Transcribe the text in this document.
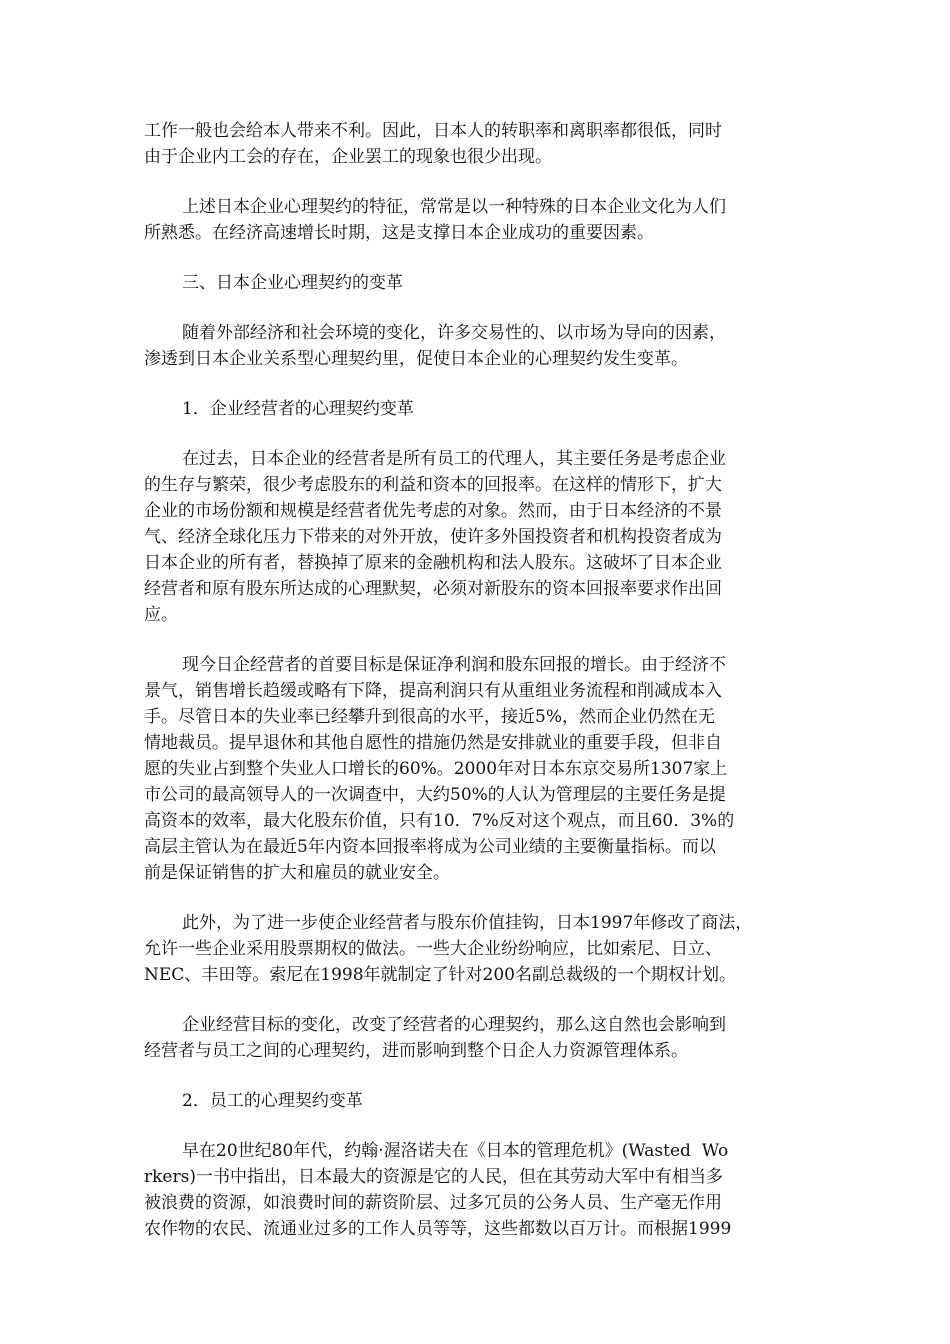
工作一般也会给本人带来不利。因此，日本人的转职率和离职率都很低，同时
由于企业内工会的存在，企业罢工的现象也很少出现。
上述日本企业心理契约的特征，常常是以一种特殊的日本企业文化为人们
所熟悉。在经济高速增长时期，这是支撑日本企业成功的重要因素。
三、日本企业心理契约的变革
随着外部经济和社会环境的变化，许多交易性的、以市场为导向的因素，
渗透到日本企业关系型心理契约里，促使日本企业的心理契约发生变革。
1．企业经营者的心理契约变革
在过去，日本企业的经营者是所有员工的代理人，其主要任务是考虑企业
的生存与繁荣，很少考虑股东的利益和资本的回报率。在这样的情形下，扩大
企业的市场份额和规模是经营者优先考虑的对象。然而，由于日本经济的不景
气、经济全球化压力下带来的对外开放，使许多外国投资者和机构投资者成为
日本企业的所有者，替换掉了原来的金融机构和法人股东。这破坏了日本企业
经营者和原有股东所达成的心理默契，必须对新股东的资本回报率要求作出回
应。
现今日企经营者的首要目标是保证净利润和股东回报的增长。由于经济不
景气，销售增长趋缓或略有下降，提高利润只有从重组业务流程和削减成本入
手。尽管日本的失业率已经攀升到很高的水平，接近5%，然而企业仍然在无
情地裁员。提早退休和其他自愿性的措施仍然是安排就业的重要手段，但非自
愿的失业占到整个失业人口增长的60%。2000年对日本东京交易所1307家上
市公司的最高领导人的一次调查中，大约50%的人认为管理层的主要任务是提
高资本的效率，最大化股东价值，只有10．7%反对这个观点，而且60．3%的
高层主管认为在最近5年内资本回报率将成为公司业绩的主要衡量指标。而以
前是保证销售的扩大和雇员的就业安全。
此外，为了进一步使企业经营者与股东价值挂钩，日本1997年修改了商法，
允许一些企业采用股票期权的做法。一些大企业纷纷响应，比如索尼、日立、
NEC、丰田等。索尼在1998年就制定了针对200名副总裁级的一个期权计划。
企业经营目标的变化，改变了经营者的心理契约，那么这自然也会影响到
经营者与员工之间的心理契约，进而影响到整个日企人力资源管理体系。
2．员工的心理契约变革
早在20世纪80年代，约翰·渥洛诺夫在《日本的管理危机》(Wasted  Wo
rkers)一书中指出，日本最大的资源是它的人民，但在其劳动大军中有相当多
被浪费的资源，如浪费时间的薪资阶层、过多冗员的公务人员、生产毫无作用
农作物的农民、流通业过多的工作人员等等，这些都数以百万计。而根据1999
